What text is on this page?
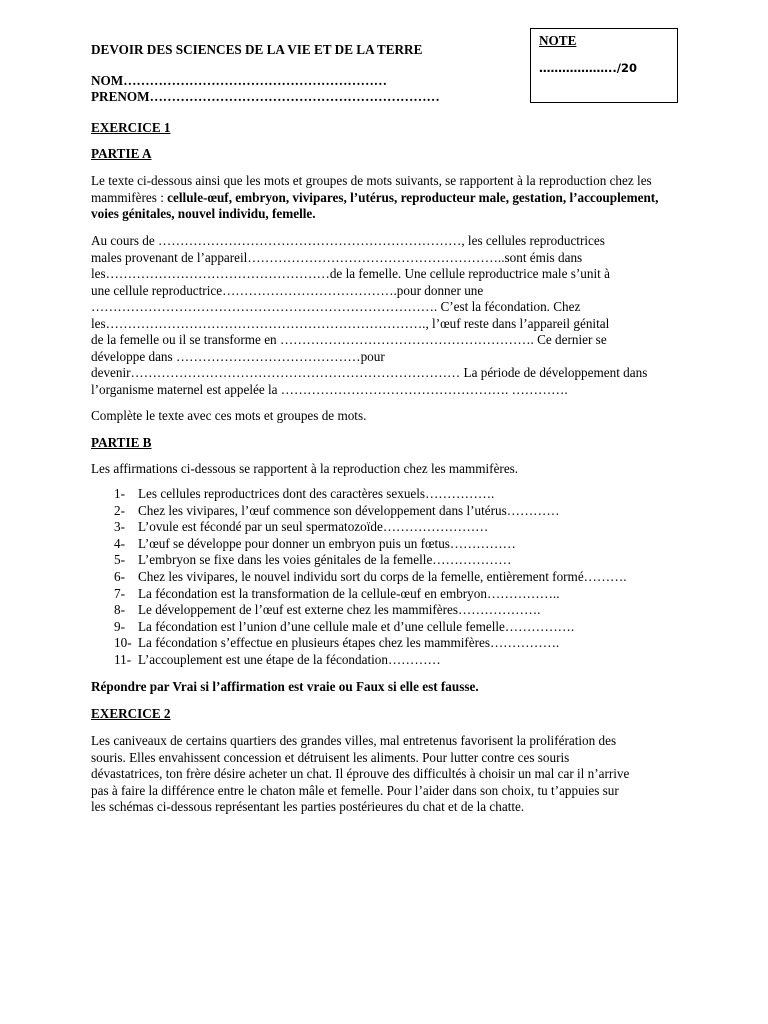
DEVOIR DES SCIENCES DE LA VIE ET DE LA TERRE
NOM……………………………………………………
PRENOM…………………………………………………………
NOTE
………………../20
EXERCICE 1
PARTIE A
Le texte ci-dessous ainsi que les mots et groupes de mots suivants, se rapportent à la reproduction chez les mammifères : cellule-œuf, embryon, vivipares, l’utérus, reproducteur male, gestation, l’accouplement, voies génitales, nouvel individu, femelle.
Au cours de ……………………………………………………………, les cellules reproductrices
males provenant de l’appareil…………………………………………………..sont émis dans
les……………………………………………de la femelle. Une cellule reproductrice male s’unit à
une cellule reproductrice………………………………….pour donner une
……………………………………………………………………. C’est la fécondation. Chez
les………………………………………………………………., l’œuf reste dans l’appareil génital
de la femelle ou il se transforme en …………………………………………………. Ce dernier se
développe dans ……………………………………pour
devenir………………………………………………………………… La période de développement dans
l’organisme maternel est appelée la ……………………………………………. ………….
Complète le texte avec ces mots et groupes de mots.
PARTIE B
Les affirmations ci-dessous se rapportent à la reproduction chez les mammifères.
1- Les cellules reproductrices dont des caractères sexuels…………….
2- Chez les vivipares, l’œuf commence son développement dans l’utérus…………
3- L’ovule est fécondé par un seul spermatozoïde……………………
4- L’œuf se développe pour donner un embryon puis un fœtus……………
5- L’embryon se fixe dans les voies génitales de la femelle………………
6- Chez les vivipares, le nouvel individu sort du corps de la femelle, entièrement formé……….
7- La fécondation est la transformation de la cellule-œuf en embryon……………..
8- Le développement de l’œuf est externe chez les mammifères……………….
9- La fécondation est l’union d’une cellule male et d’une cellule femelle…………….
10- La fécondation s’effectue en plusieurs étapes chez les mammifères…………….
11- L’accouplement est une étape de la fécondation…………
Répondre par Vrai si l’affirmation est vraie ou Faux si elle est fausse.
EXERCICE 2
Les caniveaux de certains quartiers des grandes villes, mal entretenus favorisent la prolifération des
souris. Elles envahissent concession et détruisent les aliments. Pour lutter contre ces souris
dévastatrices, ton frère désire acheter un chat. Il éprouve des difficultés à choisir un mal car il n’arrive
pas à faire la différence entre le chaton mâle et femelle. Pour l’aider dans son choix, tu t’appuies sur
les schémas ci-dessous représentant les parties postérieures du chat et de la chatte.
